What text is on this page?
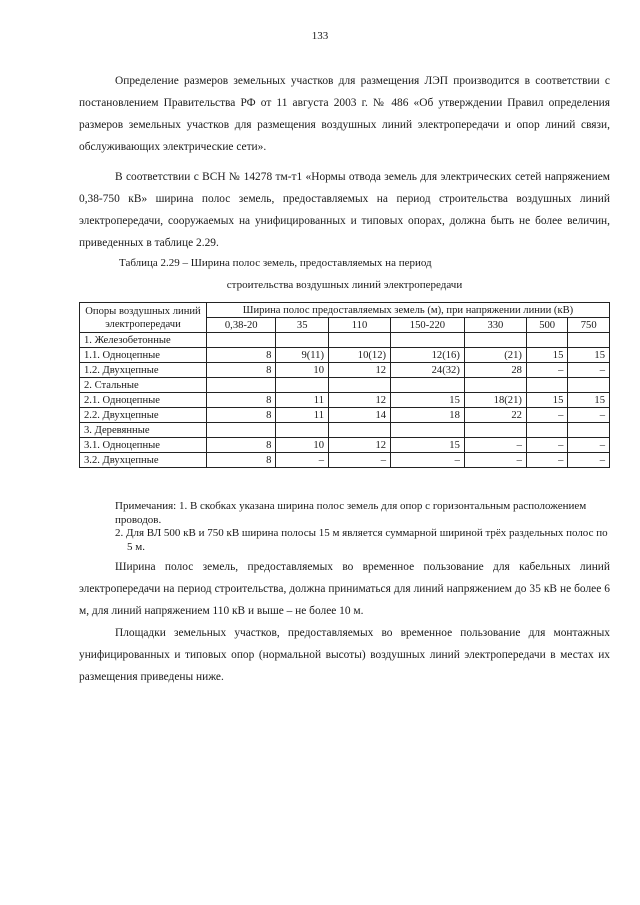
133

Определение размеров земельных участков для размещения ЛЭП производится в соответствии с постановлением Правительства РФ от 11 августа 2003 г. № 486 «Об утверждении Правил определения размеров земельных участков для размещения воздушных линий электропередачи и опор линий связи, обслуживающих электрические сети».

В соответствии с ВСН № 14278 тм-т1 «Нормы отвода земель для электрических сетей напряжением 0,38-750 кВ» ширина полос земель, предоставляемых на период строительства воздушных линий электропередачи, сооружаемых на унифицированных и типовых опорах, должна быть не более величин, приведенных в таблице 2.29.

Таблица 2.29 – Ширина полос земель, предоставляемых на период
строительства воздушных линий электропередачи
Опоры воздушных линий электропередачи	Ширина полос предоставляемых земель (м), при напряжении линии (кВ)						
	0,38-20	35	110	150-220	330	500	750
1. Железобетонные							
1.1. Одноцепные	8	9(11)	10(12)	12(16)	(21)	15	15
1.2. Двухцепные	8	10	12	24(32)	28	–	–
2. Стальные							
2.1. Одноцепные	8	11	12	15	18(21)	15	15
2.2. Двухцепные	8	11	14	18	22	–	–
3. Деревянные							
3.1. Одноцепные	8	10	12	15	–	–	–
3.2. Двухцепные	8	–	–	–	–	–	–
Примечания: 1. В скобках указана ширина полос земель для опор с горизонтальным расположением проводов.
2. Для ВЛ 500 кВ и 750 кВ ширина полосы 15 м является суммарной шириной трёх раздельных полос по 5 м.

Ширина полос земель, предоставляемых во временное пользование для кабельных линий электропередачи на период строительства, должна приниматься для линий напряжением до 35 кВ не более 6 м, для линий напряжением 110 кВ и выше – не более 10 м.

Площадки земельных участков, предоставляемых во временное пользование для монтажных унифицированных и типовых опор (нормальной высоты) воздушных линий электропередачи в местах их размещения приведены ниже.
